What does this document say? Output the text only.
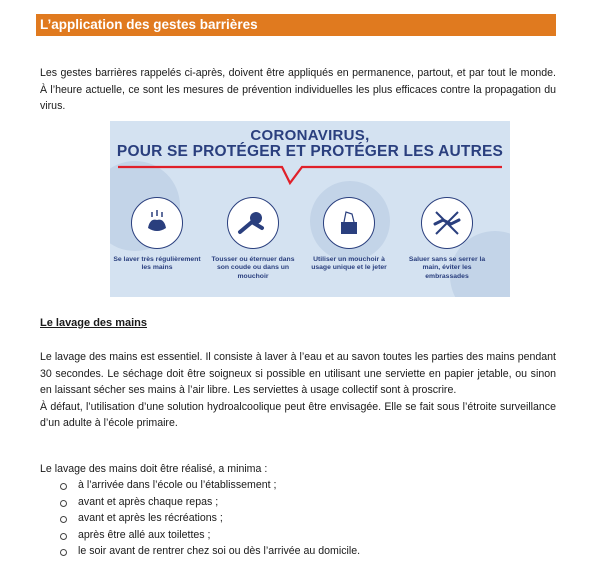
L’application des gestes barrières
Les gestes barrières rappelés ci-après, doivent être appliqués en permanence, partout, et par tout le monde. À l’heure actuelle, ce sont les mesures de prévention individuelles les plus efficaces contre la propagation du virus.
CORONAVIRUS,
POUR SE PROTÉGER ET PROTÉGER LES AUTRES
Se laver très régulièrement les mains
Tousser ou éternuer dans son coude ou dans un mouchoir
Utiliser un mouchoir à usage unique et le jeter
Saluer sans se serrer la main, éviter les embrassades
Le lavage des mains
Le lavage des mains est essentiel. Il consiste à laver à l’eau et au savon toutes les parties des mains pendant 30 secondes. Le séchage doit être soigneux si possible en utilisant une serviette en papier jetable, ou sinon en laissant sécher ses mains à l’air libre. Les serviettes à usage collectif sont à proscrire.
À défaut, l’utilisation d’une solution hydroalcoolique peut être envisagée. Elle se fait sous l’étroite surveillance d’un adulte à l’école primaire.
Le lavage des mains doit être réalisé, a minima :
à l’arrivée dans l’école ou l’établissement ;
avant et après chaque repas ;
avant et après les récréations ;
après être allé aux toilettes ;
le soir avant de rentrer chez soi ou dès l’arrivée au domicile.
